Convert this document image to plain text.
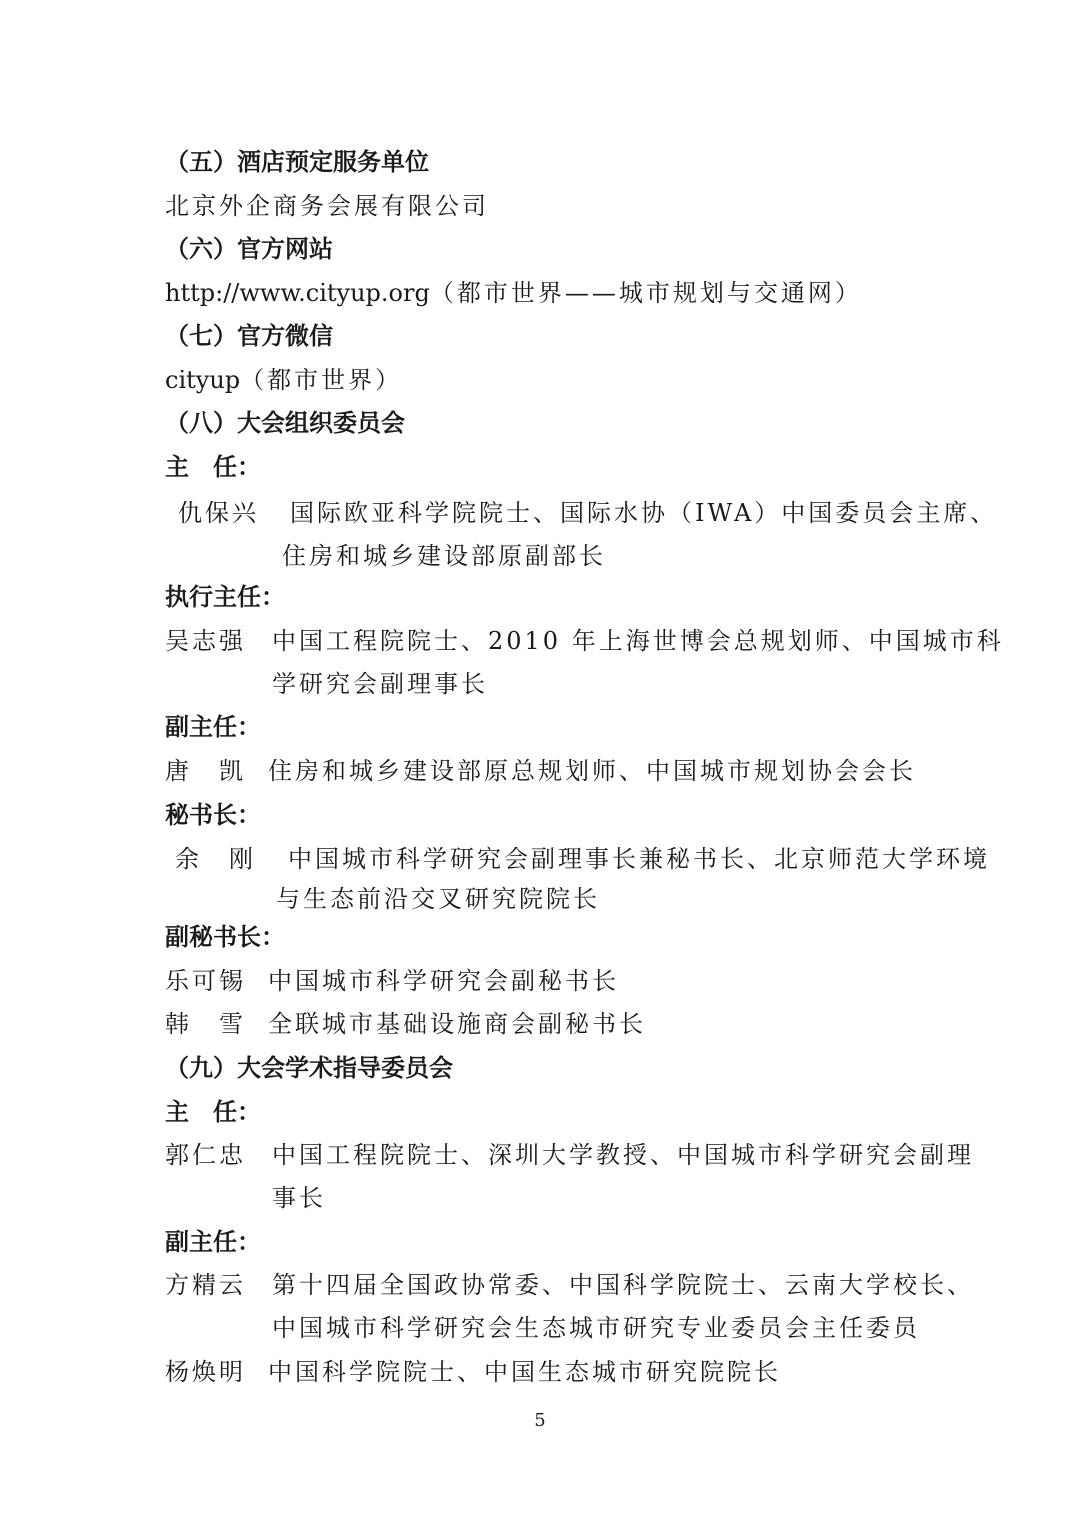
（五）酒店预定服务单位
北京外企商务会展有限公司
（六）官方网站
http://www.cityup.org（都市世界——城市规划与交通网）
（七）官方微信
cityup（都市世界）
（八）大会组织委员会
主　任：
仇保兴 国际欧亚科学院院士、国际水协（IWA）中国委员会主席、
住房和城乡建设部原副部长
执行主任：
吴志强 中国工程院院士、2010 年上海世博会总规划师、中国城市科
学研究会副理事长
副主任：
唐　凯 住房和城乡建设部原总规划师、中国城市规划协会会长
秘书长：
余　刚 中国城市科学研究会副理事长兼秘书长、北京师范大学环境
与生态前沿交叉研究院院长
副秘书长：
乐可锡 中国城市科学研究会副秘书长
韩　雪 全联城市基础设施商会副秘书长
（九）大会学术指导委员会
主　任：
郭仁忠 中国工程院院士、深圳大学教授、中国城市科学研究会副理
事长
副主任：
方精云 第十四届全国政协常委、中国科学院院士、云南大学校长、
中国城市科学研究会生态城市研究专业委员会主任委员
杨焕明 中国科学院院士、中国生态城市研究院院长
5
